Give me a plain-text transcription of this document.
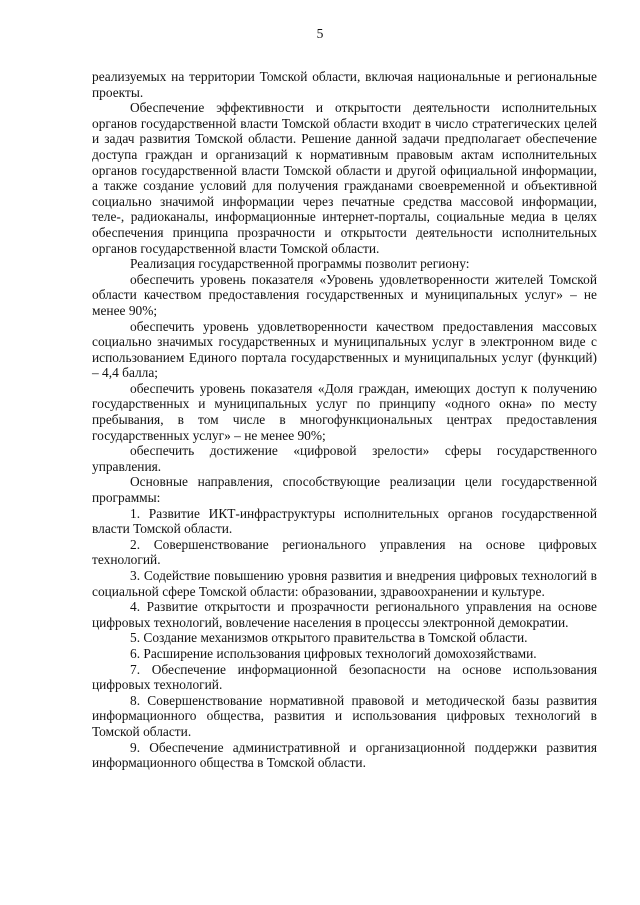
5

реализуемых на территории Томской области, включая национальные и региональные проекты.

Обеспечение эффективности и открытости деятельности исполнительных органов государственной власти Томской области входит в число стратегических целей и задач развития Томской области. Решение данной задачи предполагает обеспечение доступа граждан и организаций к нормативным правовым актам исполнительных органов государственной власти Томской области и другой официальной информации, а также создание условий для получения гражданами своевременной и объективной социально значимой информации через печатные средства массовой информации, теле-, радиоканалы, информационные интернет-порталы, социальные медиа в целях обеспечения принципа прозрачности и открытости деятельности исполнительных органов государственной власти Томской области.

Реализация государственной программы позволит региону:

обеспечить уровень показателя «Уровень удовлетворенности жителей Томской области качеством предоставления государственных и муниципальных услуг» – не менее 90%;

обеспечить уровень удовлетворенности качеством предоставления массовых социально значимых государственных и муниципальных услуг в электронном виде с использованием Единого портала государственных и муниципальных услуг (функций) – 4,4 балла;

обеспечить уровень показателя «Доля граждан, имеющих доступ к получению государственных и муниципальных услуг по принципу «одного окна» по месту пребывания, в том числе в многофункциональных центрах предоставления государственных услуг» – не менее 90%;

обеспечить достижение «цифровой зрелости» сферы государственного управления.

Основные направления, способствующие реализации цели государственной программы:

1. Развитие ИКТ-инфраструктуры исполнительных органов государственной власти Томской области.

2. Совершенствование регионального управления на основе цифровых технологий.

3. Содействие повышению уровня развития и внедрения цифровых технологий в социальной сфере Томской области: образовании, здравоохранении и культуре.

4. Развитие открытости и прозрачности регионального управления на основе цифровых технологий, вовлечение населения в процессы электронной демократии.

5. Создание механизмов открытого правительства в Томской области.

6. Расширение использования цифровых технологий домохозяйствами.

7. Обеспечение информационной безопасности на основе использования цифровых технологий.

8. Совершенствование нормативной правовой и методической базы развития информационного общества, развития и использования цифровых технологий в Томской области.

9. Обеспечение административной и организационной поддержки развития информационного общества в Томской области.
